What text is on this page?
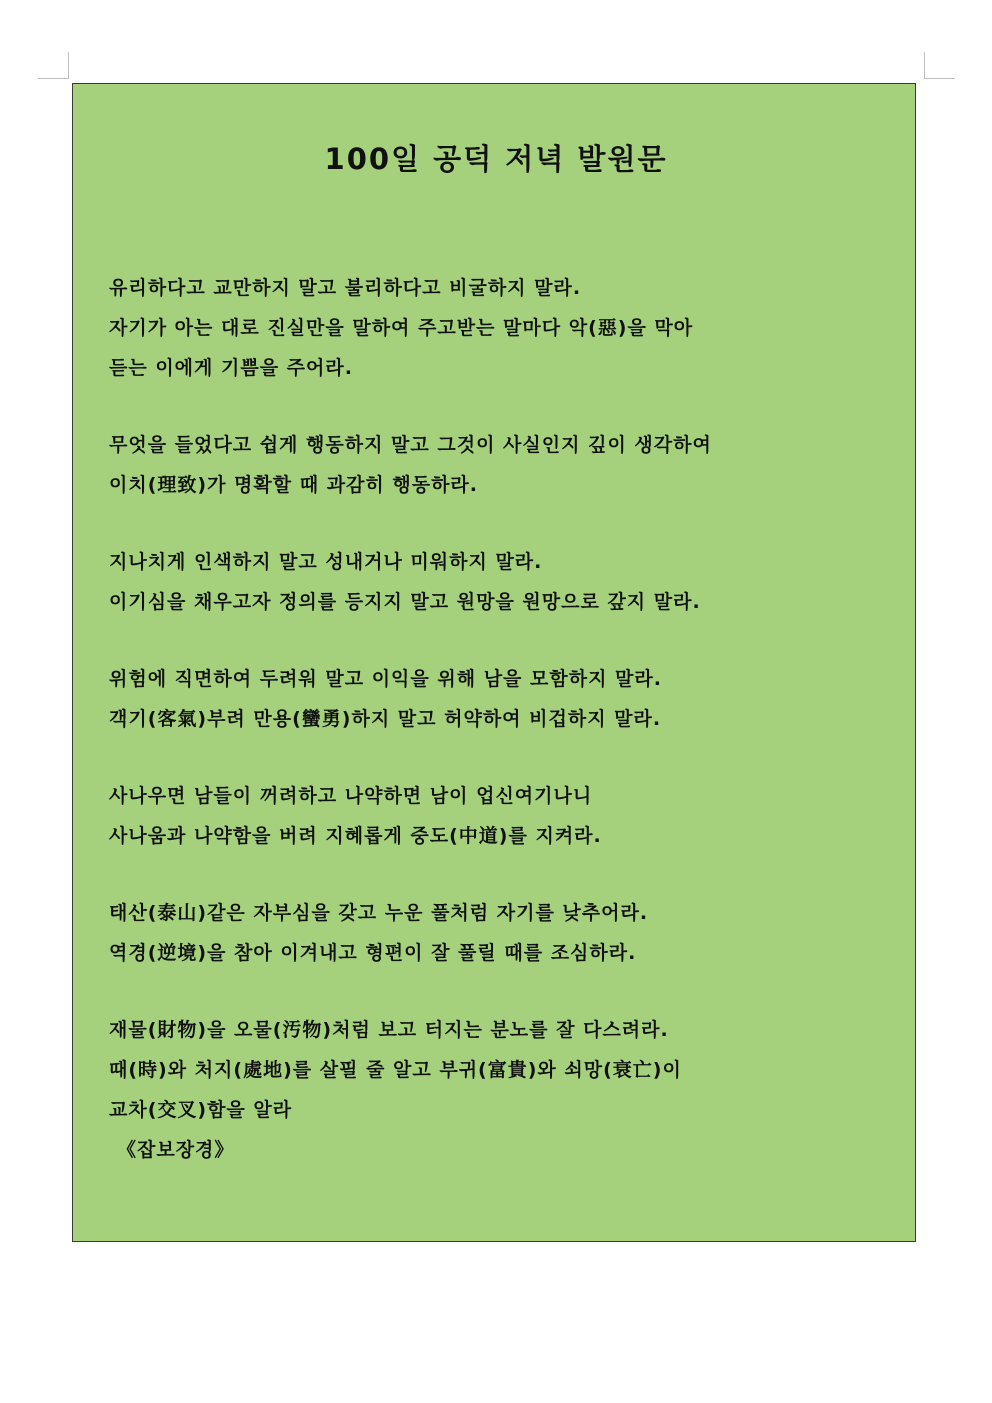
100일 공덕 저녁 발원문
유리하다고 교만하지 말고 불리하다고 비굴하지 말라.
자기가 아는 대로 진실만을 말하여 주고받는 말마다 악(惡)을 막아
듣는 이에게 기쁨을 주어라.
무엇을 들었다고 쉽게 행동하지 말고 그것이 사실인지 깊이 생각하여
이치(理致)가 명확할 때 과감히 행동하라.
지나치게 인색하지 말고 성내거나 미워하지 말라.
이기심을 채우고자 정의를 등지지 말고 원망을 원망으로 갚지 말라.
위험에 직면하여 두려워 말고 이익을 위해 남을 모함하지 말라.
객기(客氣)부려 만용(蠻勇)하지 말고 허약하여 비겁하지 말라.
사나우면 남들이 꺼려하고 나약하면 남이 업신여기나니
사나움과 나약함을 버려 지혜롭게 중도(中道)를 지켜라.
태산(泰山)같은 자부심을 갖고 누운 풀처럼 자기를 낮추어라.
역경(逆境)을 참아 이겨내고 형편이 잘 풀릴 때를 조심하라.
재물(財物)을 오물(汚物)처럼 보고 터지는 분노를 잘 다스려라.
때(時)와 처지(處地)를 살필 줄 알고 부귀(富貴)와 쇠망(衰亡)이
교차(交叉)함을 알라
《잡보장경》
